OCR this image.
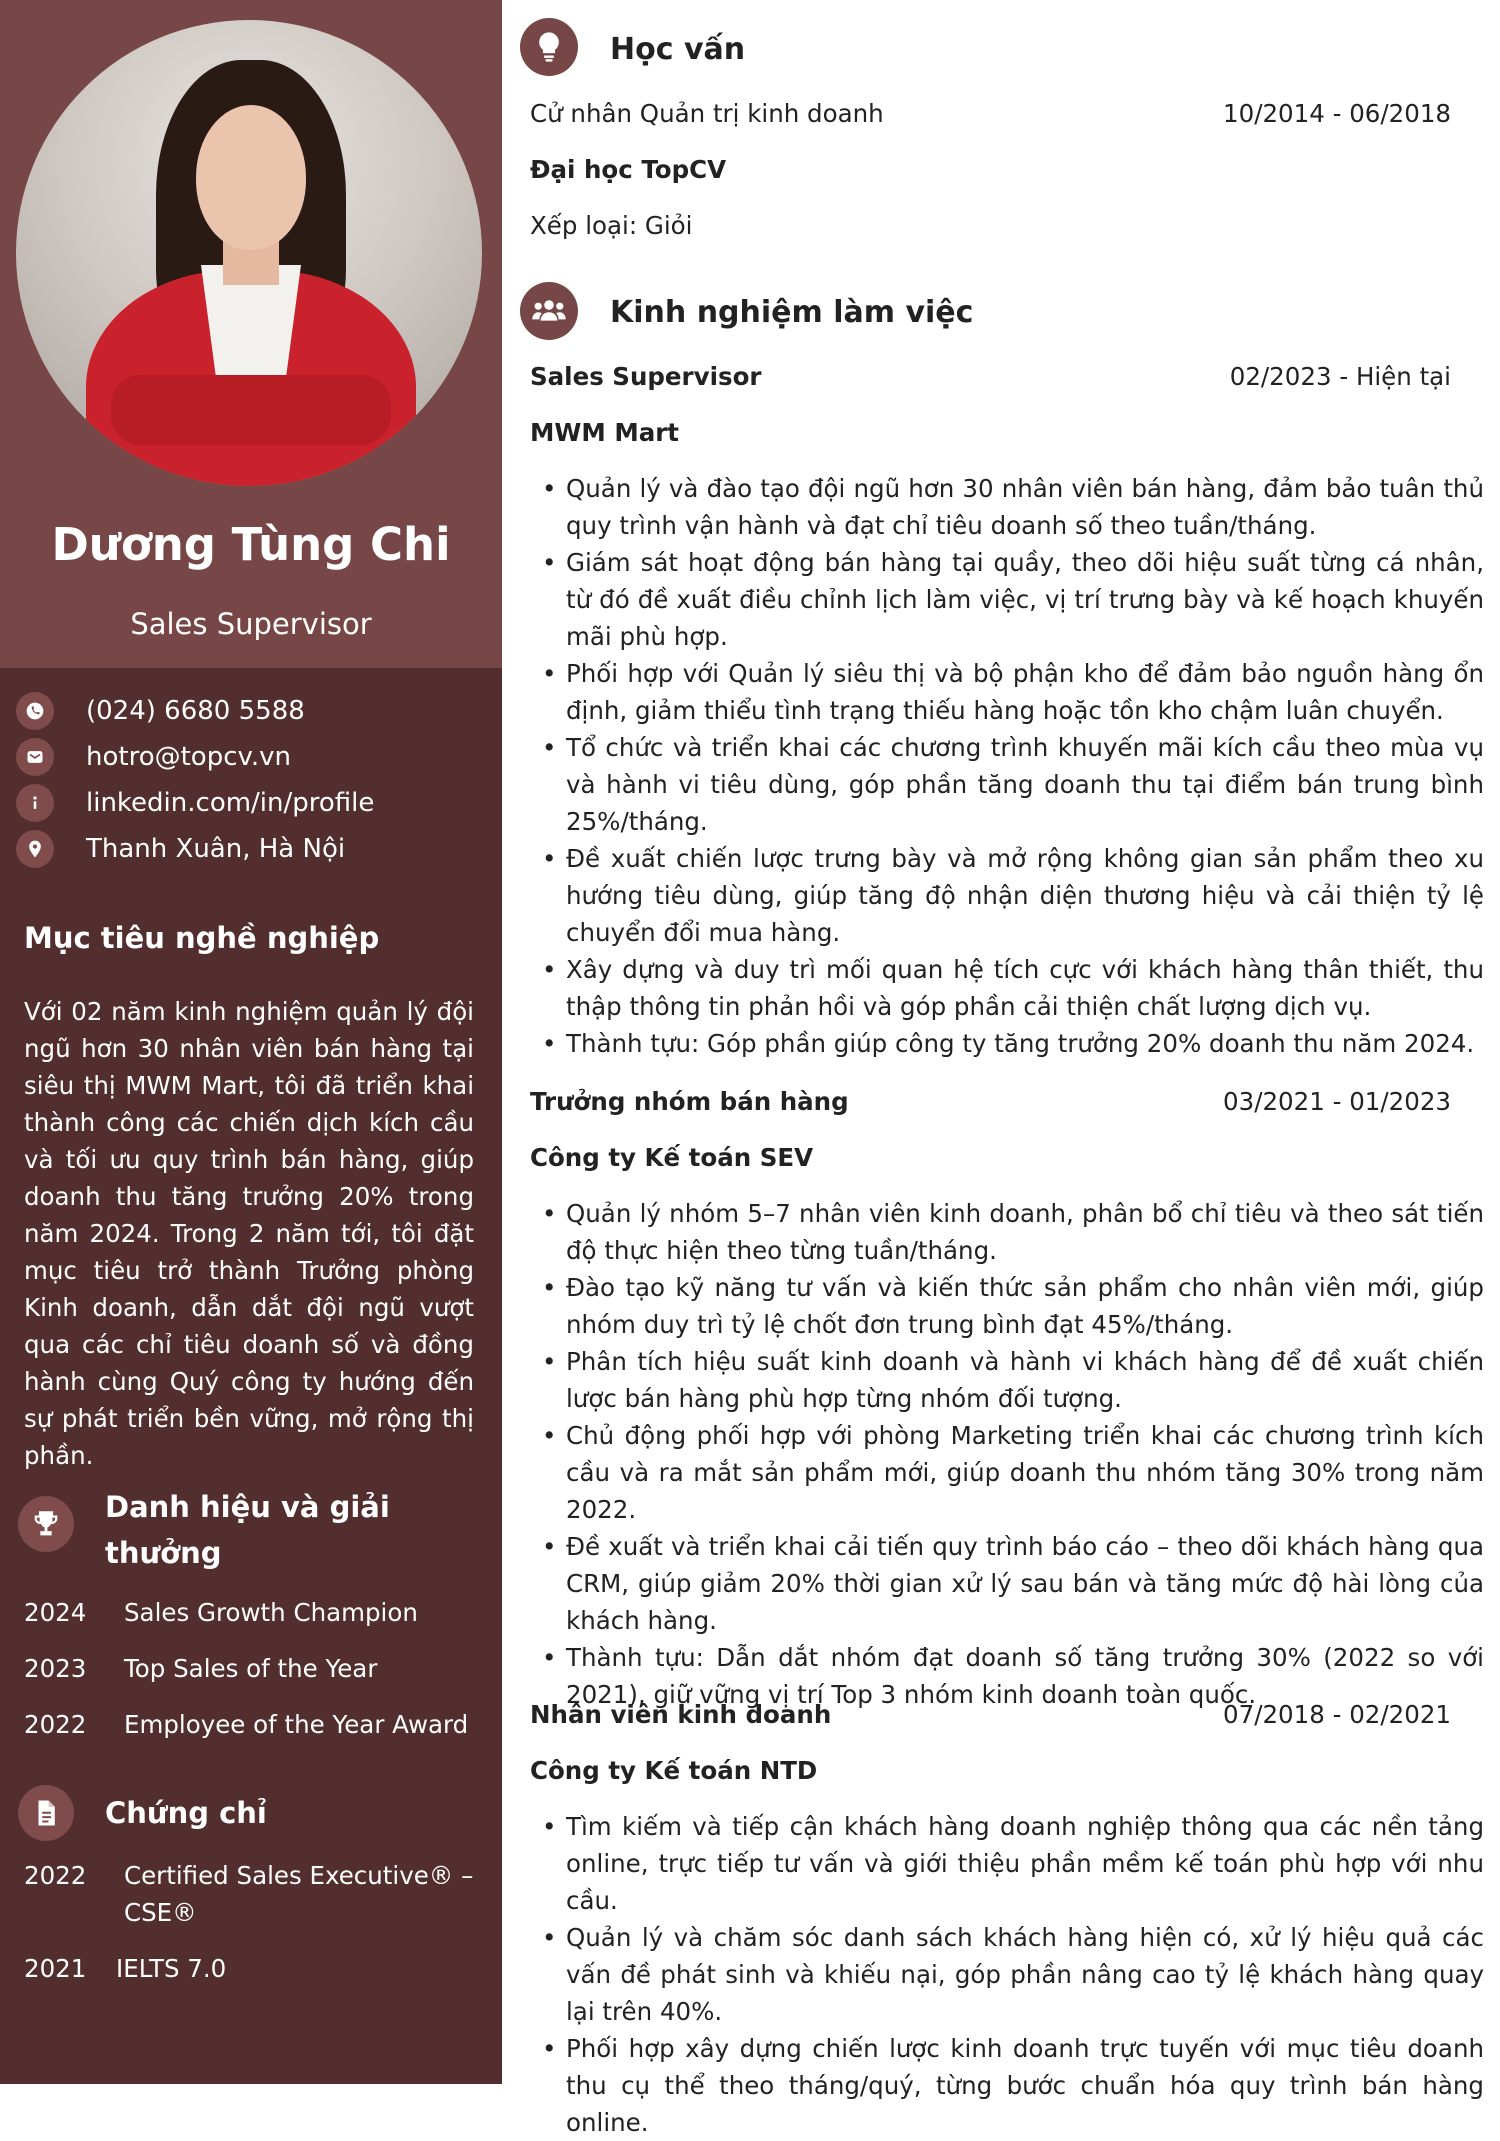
Dương Tùng Chi
Sales Supervisor
(024) 6680 5588
hotro@topcv.vn
linkedin.com/in/profile
Thanh Xuân, Hà Nội
Mục tiêu nghề nghiệp
Với 02 năm kinh nghiệm quản lý đội ngũ hơn 30 nhân viên bán hàng tại siêu thị MWM Mart, tôi đã triển khai thành công các chiến dịch kích cầu và tối ưu quy trình bán hàng, giúp doanh thu tăng trưởng 20% trong năm 2024. Trong 2 năm tới, tôi đặt mục tiêu trở thành Trưởng phòng Kinh doanh, dẫn dắt đội ngũ vượt qua các chỉ tiêu doanh số và đồng hành cùng Quý công ty hướng đến sự phát triển bền vững, mở rộng thị phần.
Danh hiệu và giải
thưởng
2024	Sales Growth Champion
2023	Top Sales of the Year
2022	Employee of the Year Award
Chứng chỉ
2022	Certified Sales Executive® –
CSE®
2021	IELTS 7.0
Học vấn
Cử nhân Quản trị kinh doanh	10/2014 - 06/2018
Đại học TopCV
Xếp loại: Giỏi
Kinh nghiệm làm việc
Sales Supervisor	02/2023 - Hiện tại
MWM Mart
• Quản lý và đào tạo đội ngũ hơn 30 nhân viên bán hàng, đảm bảo tuân thủ quy trình vận hành và đạt chỉ tiêu doanh số theo tuần/tháng.
• Giám sát hoạt động bán hàng tại quầy, theo dõi hiệu suất từng cá nhân, từ đó đề xuất điều chỉnh lịch làm việc, vị trí trưng bày và kế hoạch khuyến mãi phù hợp.
• Phối hợp với Quản lý siêu thị và bộ phận kho để đảm bảo nguồn hàng ổn định, giảm thiểu tình trạng thiếu hàng hoặc tồn kho chậm luân chuyển.
• Tổ chức và triển khai các chương trình khuyến mãi kích cầu theo mùa vụ và hành vi tiêu dùng, góp phần tăng doanh thu tại điểm bán trung bình 25%/tháng.
• Đề xuất chiến lược trưng bày và mở rộng không gian sản phẩm theo xu hướng tiêu dùng, giúp tăng độ nhận diện thương hiệu và cải thiện tỷ lệ chuyển đổi mua hàng.
• Xây dựng và duy trì mối quan hệ tích cực với khách hàng thân thiết, thu thập thông tin phản hồi và góp phần cải thiện chất lượng dịch vụ.
• Thành tựu: Góp phần giúp công ty tăng trưởng 20% doanh thu năm 2024.
Trưởng nhóm bán hàng	03/2021 - 01/2023
Công ty Kế toán SEV
• Quản lý nhóm 5–7 nhân viên kinh doanh, phân bổ chỉ tiêu và theo sát tiến độ thực hiện theo từng tuần/tháng.
• Đào tạo kỹ năng tư vấn và kiến thức sản phẩm cho nhân viên mới, giúp nhóm duy trì tỷ lệ chốt đơn trung bình đạt 45%/tháng.
• Phân tích hiệu suất kinh doanh và hành vi khách hàng để đề xuất chiến lược bán hàng phù hợp từng nhóm đối tượng.
• Chủ động phối hợp với phòng Marketing triển khai các chương trình kích cầu và ra mắt sản phẩm mới, giúp doanh thu nhóm tăng 30% trong năm 2022.
• Đề xuất và triển khai cải tiến quy trình báo cáo – theo dõi khách hàng qua CRM, giúp giảm 20% thời gian xử lý sau bán và tăng mức độ hài lòng của khách hàng.
• Thành tựu: Dẫn dắt nhóm đạt doanh số tăng trưởng 30% (2022 so với 2021), giữ vững vị trí Top 3 nhóm kinh doanh toàn quốc.
Nhân viên kinh doanh	07/2018 - 02/2021
Công ty Kế toán NTD
• Tìm kiếm và tiếp cận khách hàng doanh nghiệp thông qua các nền tảng online, trực tiếp tư vấn và giới thiệu phần mềm kế toán phù hợp với nhu cầu.
• Quản lý và chăm sóc danh sách khách hàng hiện có, xử lý hiệu quả các vấn đề phát sinh và khiếu nại, góp phần nâng cao tỷ lệ khách hàng quay lại trên 40%.
• Phối hợp xây dựng chiến lược kinh doanh trực tuyến với mục tiêu doanh thu cụ thể theo tháng/quý, từng bước chuẩn hóa quy trình bán hàng online.
